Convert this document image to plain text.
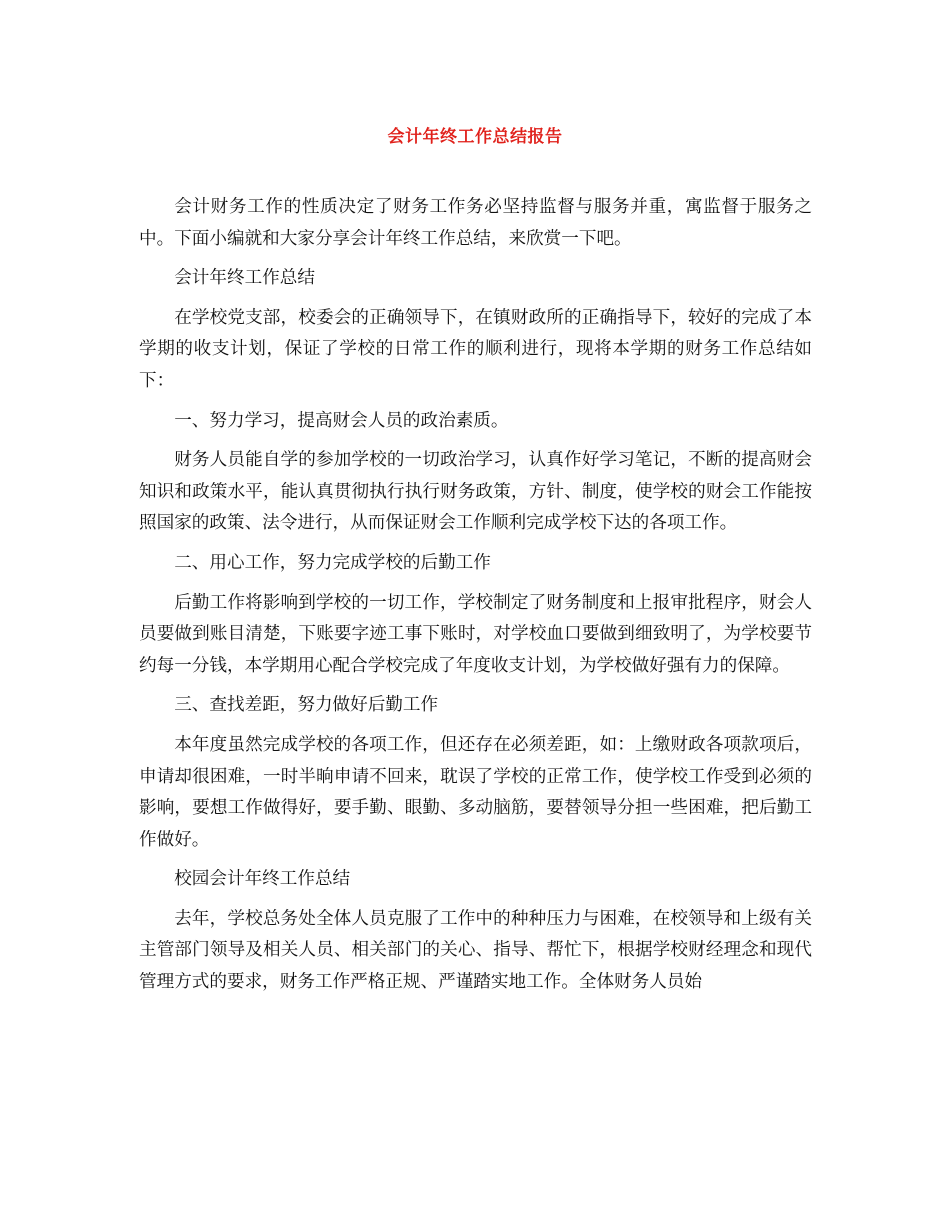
会计年终工作总结报告

会计财务工作的性质决定了财务工作务必坚持监督与服务并重，寓监督于服务之中。下面小编就和大家分享会计年终工作总结，来欣赏一下吧。

会计年终工作总结

在学校党支部，校委会的正确领导下，在镇财政所的正确指导下，较好的完成了本学期的收支计划，保证了学校的日常工作的顺利进行，现将本学期的财务工作总结如下：

一、努力学习，提高财会人员的政治素质。

财务人员能自学的参加学校的一切政治学习，认真作好学习笔记，不断的提高财会知识和政策水平，能认真贯彻执行执行财务政策，方针、制度，使学校的财会工作能按照国家的政策、法令进行，从而保证财会工作顺利完成学校下达的各项工作。

二、用心工作，努力完成学校的后勤工作

后勤工作将影响到学校的一切工作，学校制定了财务制度和上报审批程序，财会人员要做到账目清楚，下账要字迹工事下账时，对学校血口要做到细致明了，为学校要节约每一分钱，本学期用心配合学校完成了年度收支计划，为学校做好强有力的保障。

三、查找差距，努力做好后勤工作

本年度虽然完成学校的各项工作，但还存在必须差距，如：上缴财政各项款项后，申请却很困难，一时半晌申请不回来，耽误了学校的正常工作，使学校工作受到必须的影响，要想工作做得好，要手勤、眼勤、多动脑筋，要替领导分担一些困难，把后勤工作做好。

校园会计年终工作总结

去年，学校总务处全体人员克服了工作中的种种压力与困难，在校领导和上级有关主管部门领导及相关人员、相关部门的关心、指导、帮忙下，根据学校财经理念和现代管理方式的要求，财务工作严格正规、严谨踏实地工作。全体财务人员始
